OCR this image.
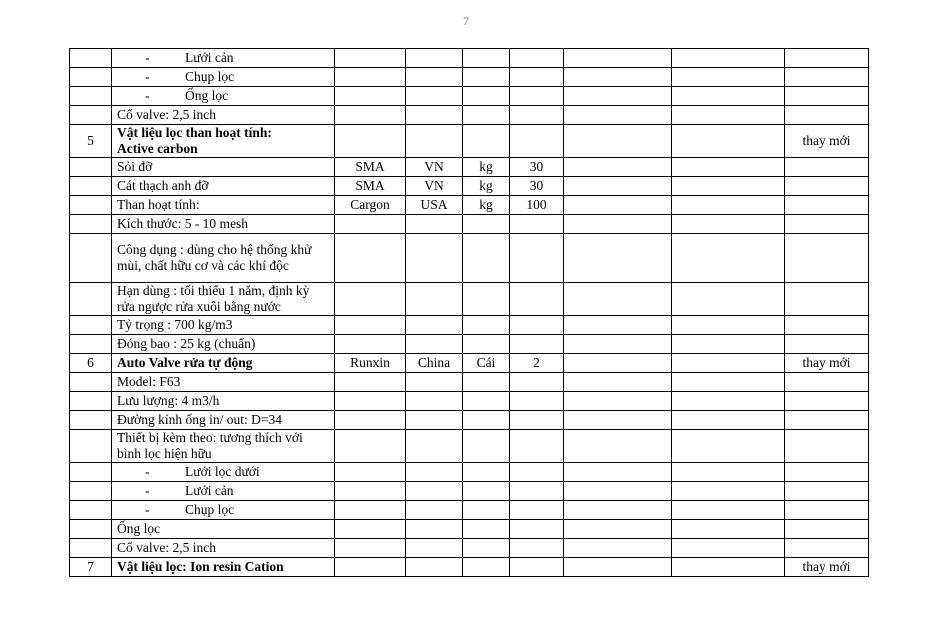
7
	- Lưới cản							
	- Chụp lọc							
	- Ống lọc							
	Cổ valve: 2,5 inch							
5	Vật liệu lọc than hoạt tính:
Active carbon							thay mới
	Sỏi đỡ	SMA	VN	kg	30			
	Cát thạch anh đỡ	SMA	VN	kg	30			
	Than hoạt tính:	Cargon	USA	kg	100			
	Kích thước: 5 - 10 mesh							
	Công dụng : dùng cho hệ thống khử mùi, chất hữu cơ và các khí độc							
	Hạn dùng : tối thiểu 1 năm, định kỳ rửa ngược rửa xuôi bằng nước							
	Tỷ trọng : 700 kg/m3							
	Đóng bao : 25 kg (chuẩn)							
6	Auto Valve rửa tự động	Runxin	China	Cái	2			thay mới
	Model: F63							
	Lưu lượng: 4 m3/h							
	Đường kính ống in/ out: D=34							
	Thiết bị kèm theo: tương thích với bình lọc hiện hữu							
	- Lưới lọc dưới							
	- Lưới cản							
	- Chụp lọc							
	Ống lọc							
	Cổ valve: 2,5 inch							
7	Vật liệu lọc: Ion resin Cation							thay mới
